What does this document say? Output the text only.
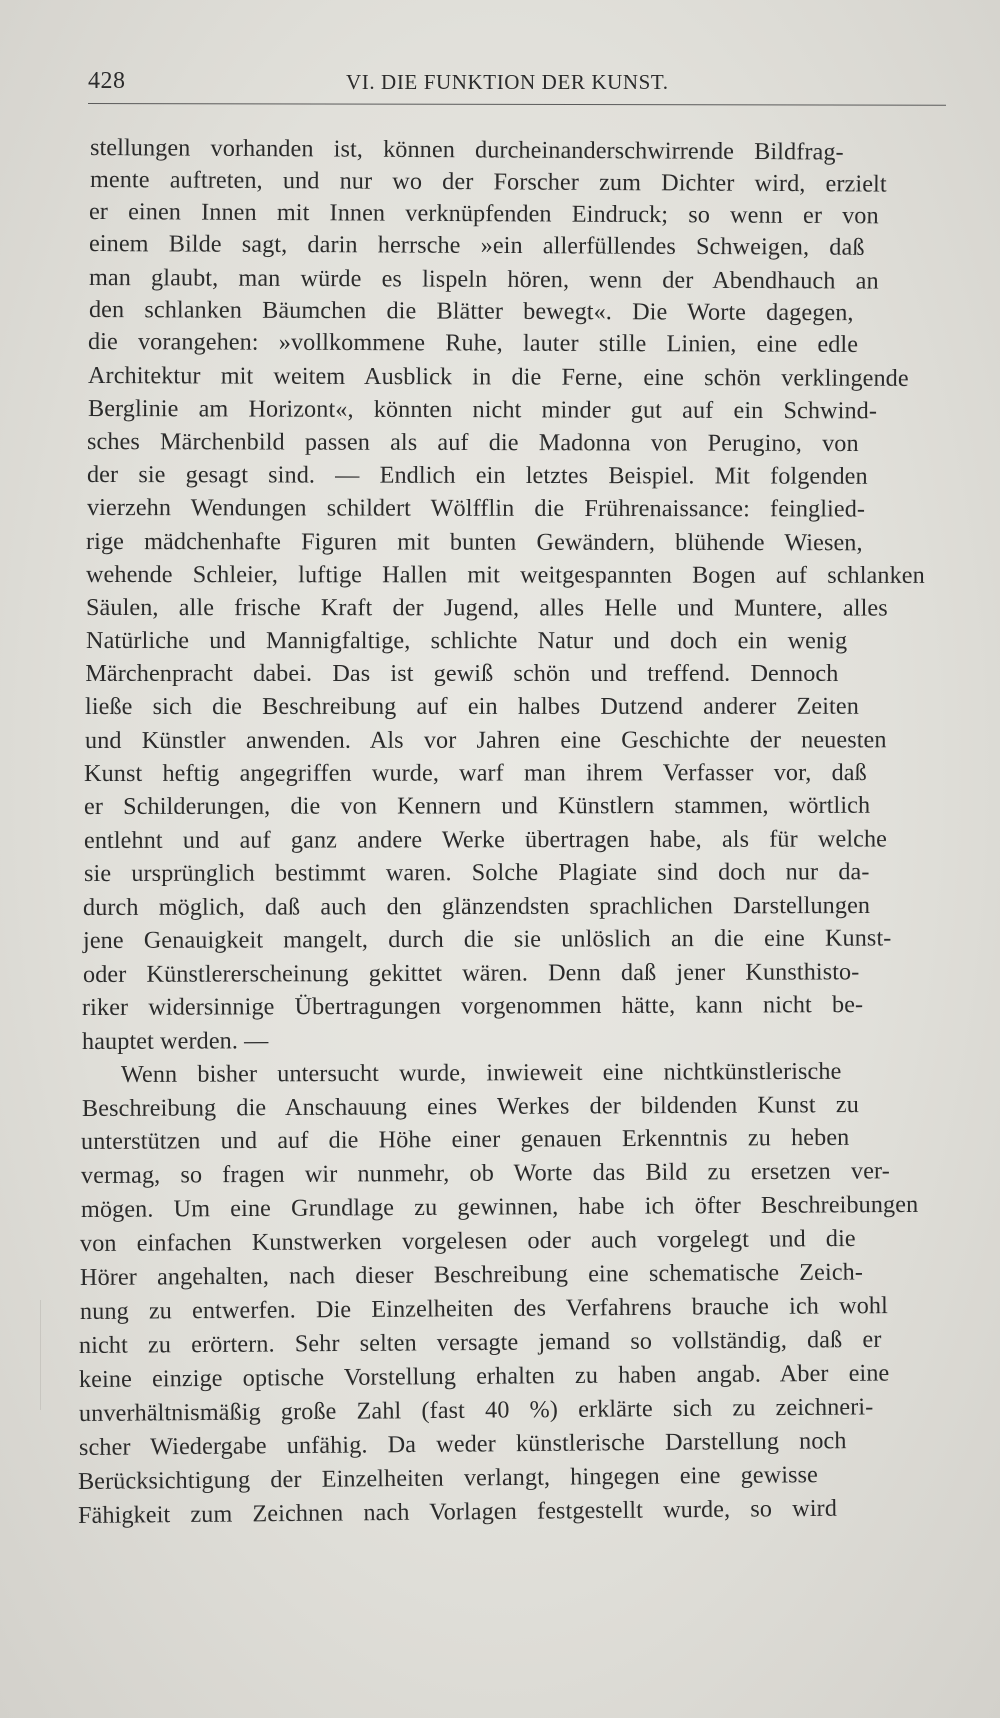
428	VI. DIE FUNKTION DER KUNST.
stellungen vorhanden ist, können durcheinanderschwirrende Bildfrag-
mente auftreten, und nur wo der Forscher zum Dichter wird, erzielt
er einen Innen mit Innen verknüpfenden Eindruck; so wenn er von
einem Bilde sagt, darin herrsche »ein allerfüllendes Schweigen, daß
man glaubt, man würde es lispeln hören, wenn der Abendhauch an
den schlanken Bäumchen die Blätter bewegt«. Die Worte dagegen,
die vorangehen: »vollkommene Ruhe, lauter stille Linien, eine edle
Architektur mit weitem Ausblick in die Ferne, eine schön verklingende
Berglinie am Horizont«, könnten nicht minder gut auf ein Schwind-
sches Märchenbild passen als auf die Madonna von Perugino, von
der sie gesagt sind. — Endlich ein letztes Beispiel. Mit folgenden
vierzehn Wendungen schildert Wölfflin die Frührenaissance: feinglied-
rige mädchenhafte Figuren mit bunten Gewändern, blühende Wiesen,
wehende Schleier, luftige Hallen mit weitgespannten Bogen auf schlanken
Säulen, alle frische Kraft der Jugend, alles Helle und Muntere, alles
Natürliche und Mannigfaltige, schlichte Natur und doch ein wenig
Märchenpracht dabei. Das ist gewiß schön und treffend. Dennoch
ließe sich die Beschreibung auf ein halbes Dutzend anderer Zeiten
und Künstler anwenden. Als vor Jahren eine Geschichte der neuesten
Kunst heftig angegriffen wurde, warf man ihrem Verfasser vor, daß
er Schilderungen, die von Kennern und Künstlern stammen, wörtlich
entlehnt und auf ganz andere Werke übertragen habe, als für welche
sie ursprünglich bestimmt waren. Solche Plagiate sind doch nur da-
durch möglich, daß auch den glänzendsten sprachlichen Darstellungen
jene Genauigkeit mangelt, durch die sie unlöslich an die eine Kunst-
oder Künstlererscheinung gekittet wären. Denn daß jener Kunsthisto-
riker widersinnige Übertragungen vorgenommen hätte, kann nicht be-
hauptet werden. —
Wenn bisher untersucht wurde, inwieweit eine nichtkünstlerische
Beschreibung die Anschauung eines Werkes der bildenden Kunst zu
unterstützen und auf die Höhe einer genauen Erkenntnis zu heben
vermag, so fragen wir nunmehr, ob Worte das Bild zu ersetzen ver-
mögen. Um eine Grundlage zu gewinnen, habe ich öfter Beschreibungen
von einfachen Kunstwerken vorgelesen oder auch vorgelegt und die
Hörer angehalten, nach dieser Beschreibung eine schematische Zeich-
nung zu entwerfen. Die Einzelheiten des Verfahrens brauche ich wohl
nicht zu erörtern. Sehr selten versagte jemand so vollständig, daß er
keine einzige optische Vorstellung erhalten zu haben angab. Aber eine
unverhältnismäßig große Zahl (fast 40 %) erklärte sich zu zeichneri-
scher Wiedergabe unfähig. Da weder künstlerische Darstellung noch
Berücksichtigung der Einzelheiten verlangt, hingegen eine gewisse
Fähigkeit zum Zeichnen nach Vorlagen festgestellt wurde, so wird
